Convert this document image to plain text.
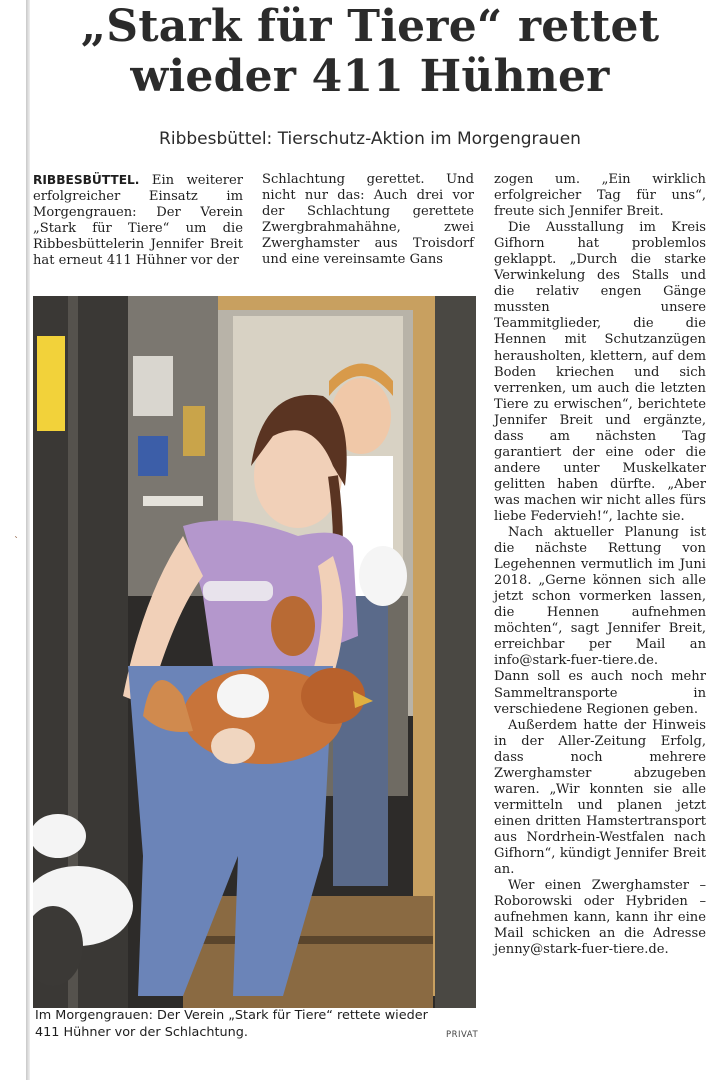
`
„Stark für Tiere“ rettet
wieder 411 Hühner
Ribbesbüttel: Tierschutz-Aktion im Morgengrauen

RIBBESBÜTTEL. Ein weiterer erfolgreicher Einsatz im Morgengrauen: Der Verein „Stark für Tiere“ um die Ribbesbüttelerin Jennifer Breit hat erneut 411 Hühner vor der

Schlachtung gerettet. Und nicht nur das: Auch drei vor der Schlachtung gerettete Zwergbrahmahähne, zwei Zwerghamster aus Troisdorf und eine vereinsamte Gans

zogen um. „Ein wirklich erfolgreicher Tag für uns“, freute sich Jennifer Breit.

Die Ausstallung im Kreis Gifhorn hat problemlos geklappt. „Durch die starke Verwinkelung des Stalls und die relativ engen Gänge mussten unsere Teammitglieder, die die Hennen mit Schutzanzügen herausholten, klettern, auf dem Boden kriechen und sich verrenken, um auch die letzten Tiere zu erwischen“, berichtete Jennifer Breit und ergänzte, dass am nächsten Tag garantiert der eine oder die andere unter Muskelkater gelitten haben dürfte. „Aber was machen wir nicht alles fürs liebe Federvieh!“, lachte sie.

Nach aktueller Planung ist die nächste Rettung von Legehennen vermutlich im Juni 2018. „Gerne können sich alle jetzt schon vormerken lassen, die Hennen aufnehmen möchten“, sagt Jennifer Breit, erreichbar per Mail an info@stark-fuer-tiere.de.

Dann soll es auch noch mehr Sammeltransporte in verschiedene Regionen geben.

Außerdem hatte der Hinweis in der Aller-Zeitung Erfolg, dass noch mehrere Zwerghamster abzugeben waren. „Wir konnten sie alle vermitteln und planen jetzt einen dritten Hamstertransport aus Nordrhein-Westfalen nach Gifhorn“, kündigt Jennifer Breit an.

Wer einen Zwerghamster – Roborowski oder Hybriden – aufnehmen kann, kann ihr eine Mail schicken an die Adresse jenny@stark-fuer-tiere.de.

Im Morgengrauen: Der Verein „Stark für Tiere“ rettete wieder 411 Hühner vor der Schlachtung.	PRIVAT
